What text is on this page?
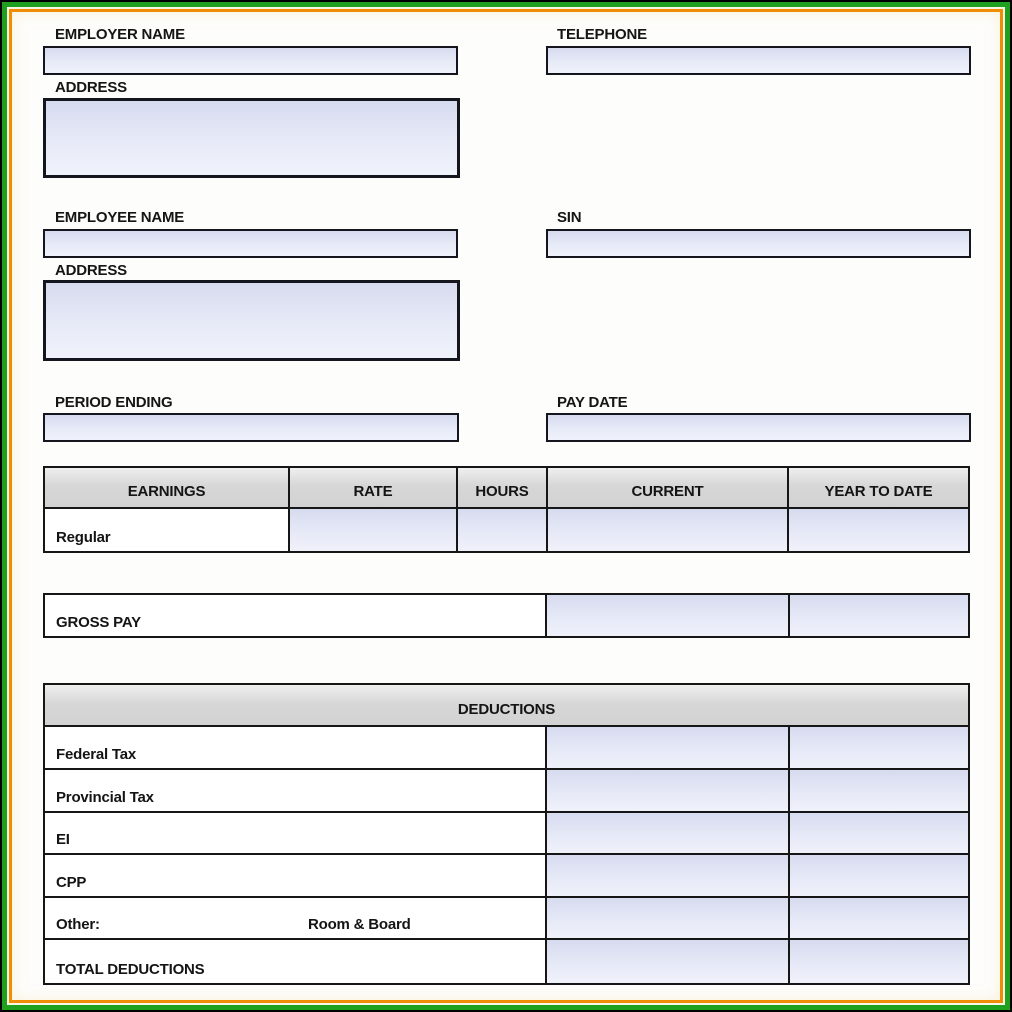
EMPLOYER NAME	TELEPHONE
ADDRESS
EMPLOYEE NAME	SIN
ADDRESS
PERIOD ENDING	PAY DATE
EARNINGS	RATE	HOURS	CURRENT	YEAR TO DATE
Regular
GROSS PAY
DEDUCTIONS
Federal Tax
Provincial Tax
EI
CPP
Other:	Room & Board
TOTAL DEDUCTIONS
